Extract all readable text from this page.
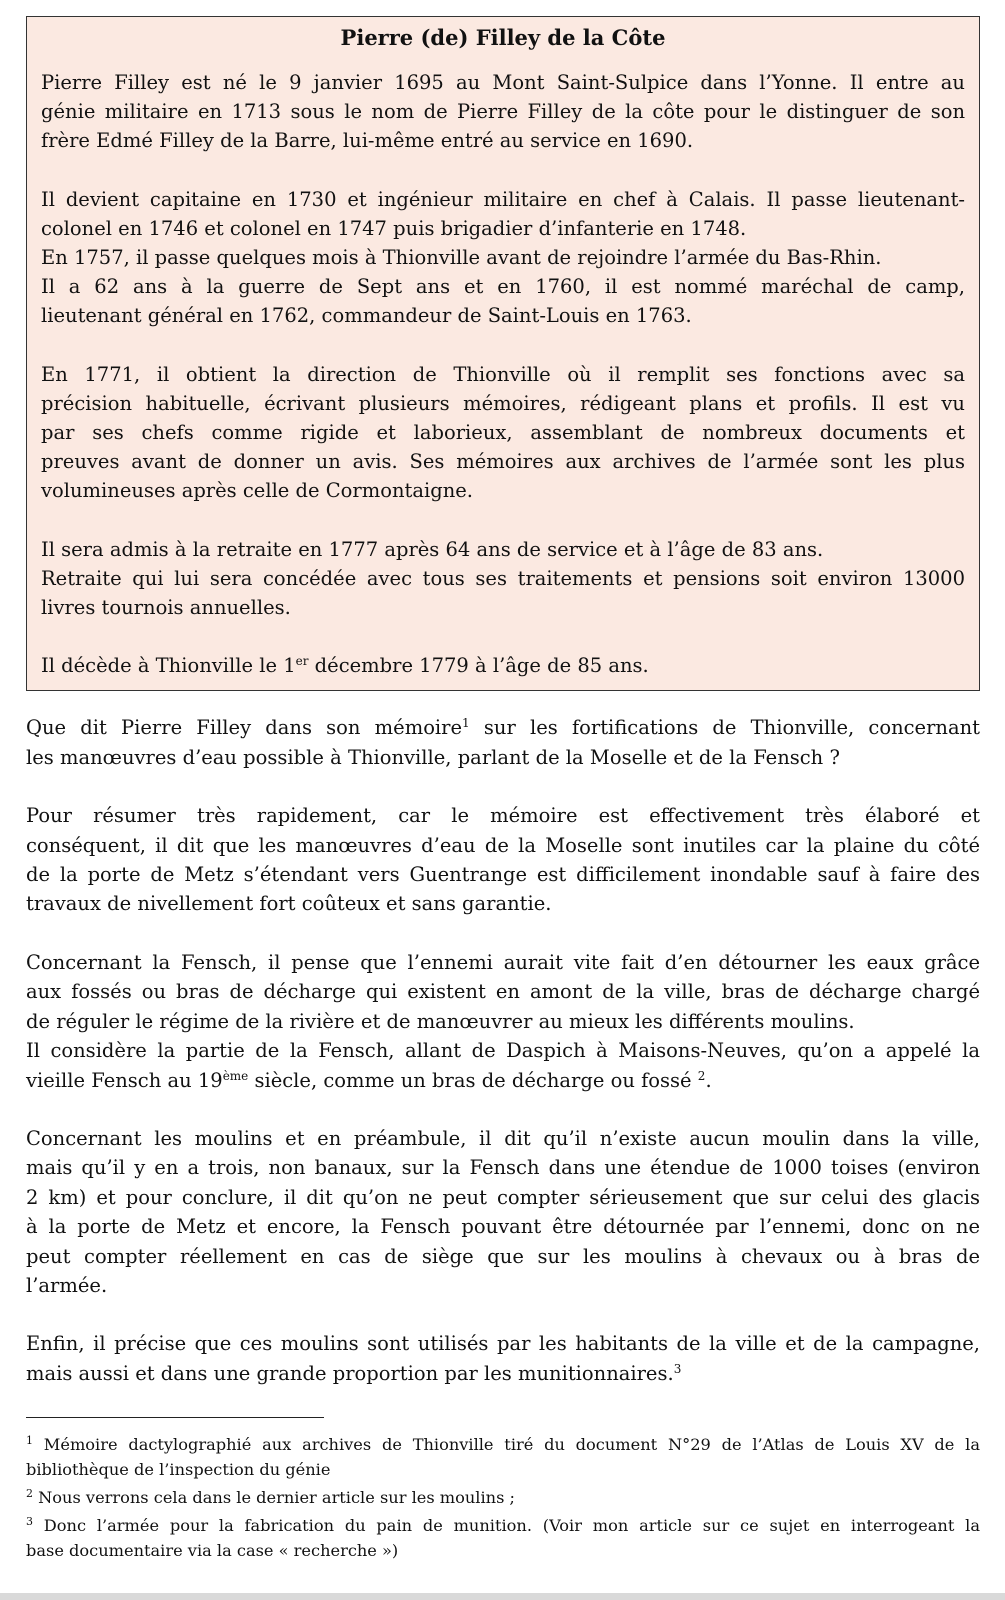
Pierre (de) Filley de la Côte
Pierre Filley est né le 9 janvier 1695 au Mont Saint-Sulpice dans l’Yonne. Il entre au
génie militaire en 1713 sous le nom de Pierre Filley de la côte pour le distinguer de son
frère Edmé Filley de la Barre, lui-même entré au service en 1690.
Il devient capitaine en 1730 et ingénieur militaire en chef à Calais. Il passe lieutenant-
colonel en 1746 et colonel en 1747 puis brigadier d’infanterie en 1748.
En 1757, il passe quelques mois à Thionville avant de rejoindre l’armée du Bas-Rhin.
Il a 62 ans à la guerre de Sept ans et en 1760, il est nommé maréchal de camp,
lieutenant général en 1762, commandeur de Saint-Louis en 1763.
En 1771, il obtient la direction de Thionville où il remplit ses fonctions avec sa
précision habituelle, écrivant plusieurs mémoires, rédigeant plans et profils. Il est vu
par ses chefs comme rigide et laborieux, assemblant de nombreux documents et
preuves avant de donner un avis. Ses mémoires aux archives de l’armée sont les plus
volumineuses après celle de Cormontaigne.
Il sera admis à la retraite en 1777 après 64 ans de service et à l’âge de 83 ans.
Retraite qui lui sera concédée avec tous ses traitements et pensions soit environ 13000
livres tournois annuelles.
Il décède à Thionville le 1er décembre 1779 à l’âge de 85 ans.
Que dit Pierre Filley dans son mémoire$^1$ sur les fortifications de Thionville, concernant
les manœuvres d’eau possible à Thionville, parlant de la Moselle et de la Fensch ?
Pour résumer très rapidement, car le mémoire est effectivement très élaboré et
conséquent, il dit que les manœuvres d’eau de la Moselle sont inutiles car la plaine du côté
de la porte de Metz s’étendant vers Guentrange est difficilement inondable sauf à faire des
travaux de nivellement fort coûteux et sans garantie.
Concernant la Fensch, il pense que l’ennemi aurait vite fait d’en détourner les eaux grâce
aux fossés ou bras de décharge qui existent en amont de la ville, bras de décharge chargé
de réguler le régime de la rivière et de manœuvrer au mieux les différents moulins.
Il considère la partie de la Fensch, allant de Daspich à Maisons-Neuves, qu’on a appelé la
vieille Fensch au 19ème siècle, comme un bras de décharge ou fossé $^2$.
Concernant les moulins et en préambule, il dit qu’il n’existe aucun moulin dans la ville,
mais qu’il y en a trois, non banaux, sur la Fensch dans une étendue de 1000 toises (environ
2 km) et pour conclure, il dit qu’on ne peut compter sérieusement que sur celui des glacis
à la porte de Metz et encore, la Fensch pouvant être détournée par l’ennemi, donc on ne
peut compter réellement en cas de siège que sur les moulins à chevaux ou à bras de
l’armée.
Enfin, il précise que ces moulins sont utilisés par les habitants de la ville et de la campagne,
mais aussi et dans une grande proportion par les munitionnaires.$^3$
$^1$ Mémoire dactylographié aux archives de Thionville tiré du document N°29 de l’Atlas de Louis XV de la
bibliothèque de l’inspection du génie
$^2$ Nous verrons cela dans le dernier article sur les moulins ;
$^3$ Donc l’armée pour la fabrication du pain de munition. (Voir mon article sur ce sujet en interrogeant la
base documentaire via la case « recherche »)
